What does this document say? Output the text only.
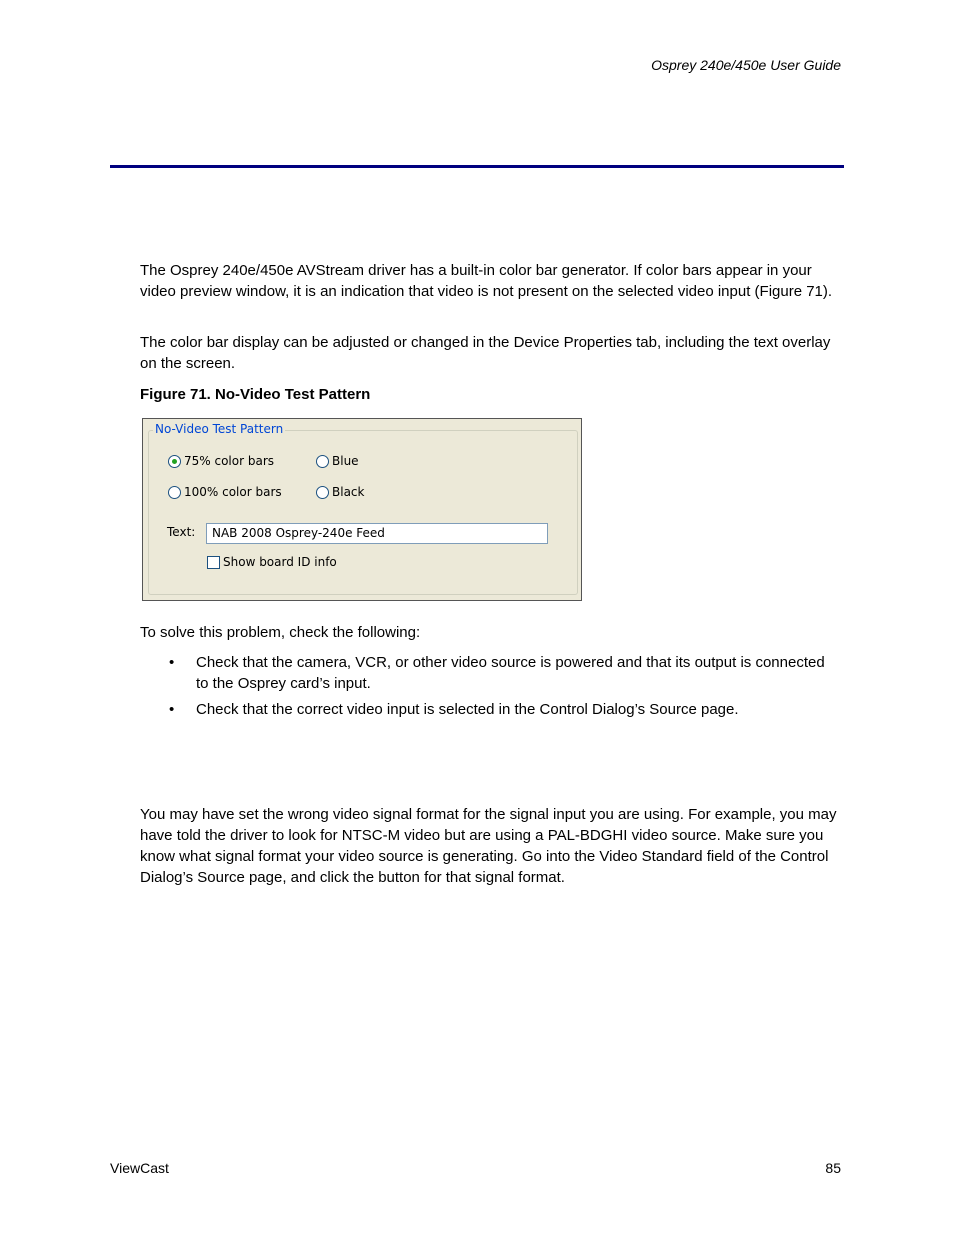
Osprey 240e/450e User Guide

The Osprey 240e/450e AVStream driver has a built-in color bar generator. If color bars appear in your video preview window, it is an indication that video is not present on the selected video input (Figure 71).

The color bar display can be adjusted or changed in the Device Properties tab, including the text overlay on the screen.

Figure 71. No-Video Test Pattern
No-Video Test Pattern
75% color bars	Blue
100% color bars	Black
Text:	NAB 2008 Osprey-240e Feed
Show board ID info

To solve this problem, check the following:

• Check that the camera, VCR, or other video source is powered and that its output is connected to the Osprey card’s input.
• Check that the correct video input is selected in the Control Dialog’s Source page.

You may have set the wrong video signal format for the signal input you are using. For example, you may have told the driver to look for NTSC-M video but are using a PAL-BDGHI video source. Make sure you know what signal format your video source is generating. Go into the Video Standard field of the Control Dialog’s Source page, and click the button for that signal format.

ViewCast	85
